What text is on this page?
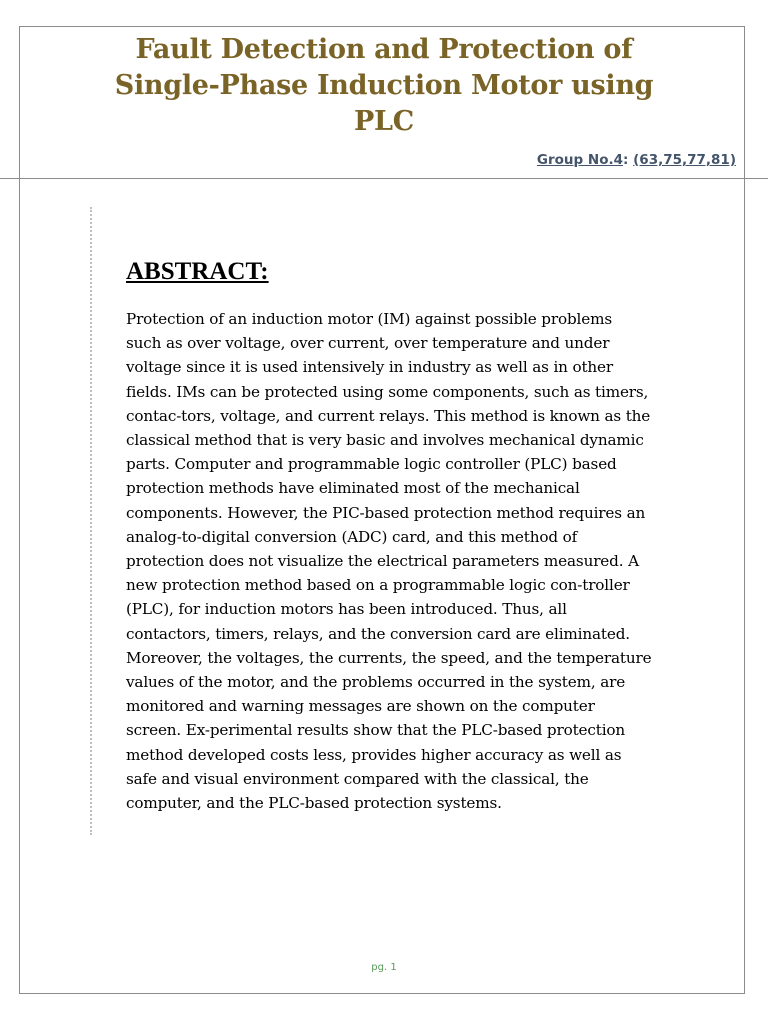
Fault Detection and Protection of
Single-Phase Induction Motor using
PLC
Group No.4: (63,75,77,81)
ABSTRACT:
Protection of an induction motor (IM) against possible problems
such as over voltage, over current, over temperature and under
voltage since it is used intensively in industry as well as in other
fields. IMs can be protected using some components, such as timers,
contac-tors, voltage, and current relays. This method is known as the
classical method that is very basic and involves mechanical dynamic
parts. Computer and programmable logic controller (PLC) based
protection methods have eliminated most of the mechanical
components. However, the PIC-based protection method requires an
analog-to-digital conversion (ADC) card, and this method of
protection does not visualize the electrical parameters measured. A
new protection method based on a programmable logic con-troller
(PLC), for induction motors has been introduced. Thus, all
contactors, timers, relays, and the conversion card are eliminated.
Moreover, the voltages, the currents, the speed, and the temperature
values of the motor, and the problems occurred in the system, are
monitored and warning messages are shown on the computer
screen. Ex-perimental results show that the PLC-based protection
method developed costs less, provides higher accuracy as well as
safe and visual environment compared with the classical, the
computer, and the PLC-based protection systems.
pg. 1
